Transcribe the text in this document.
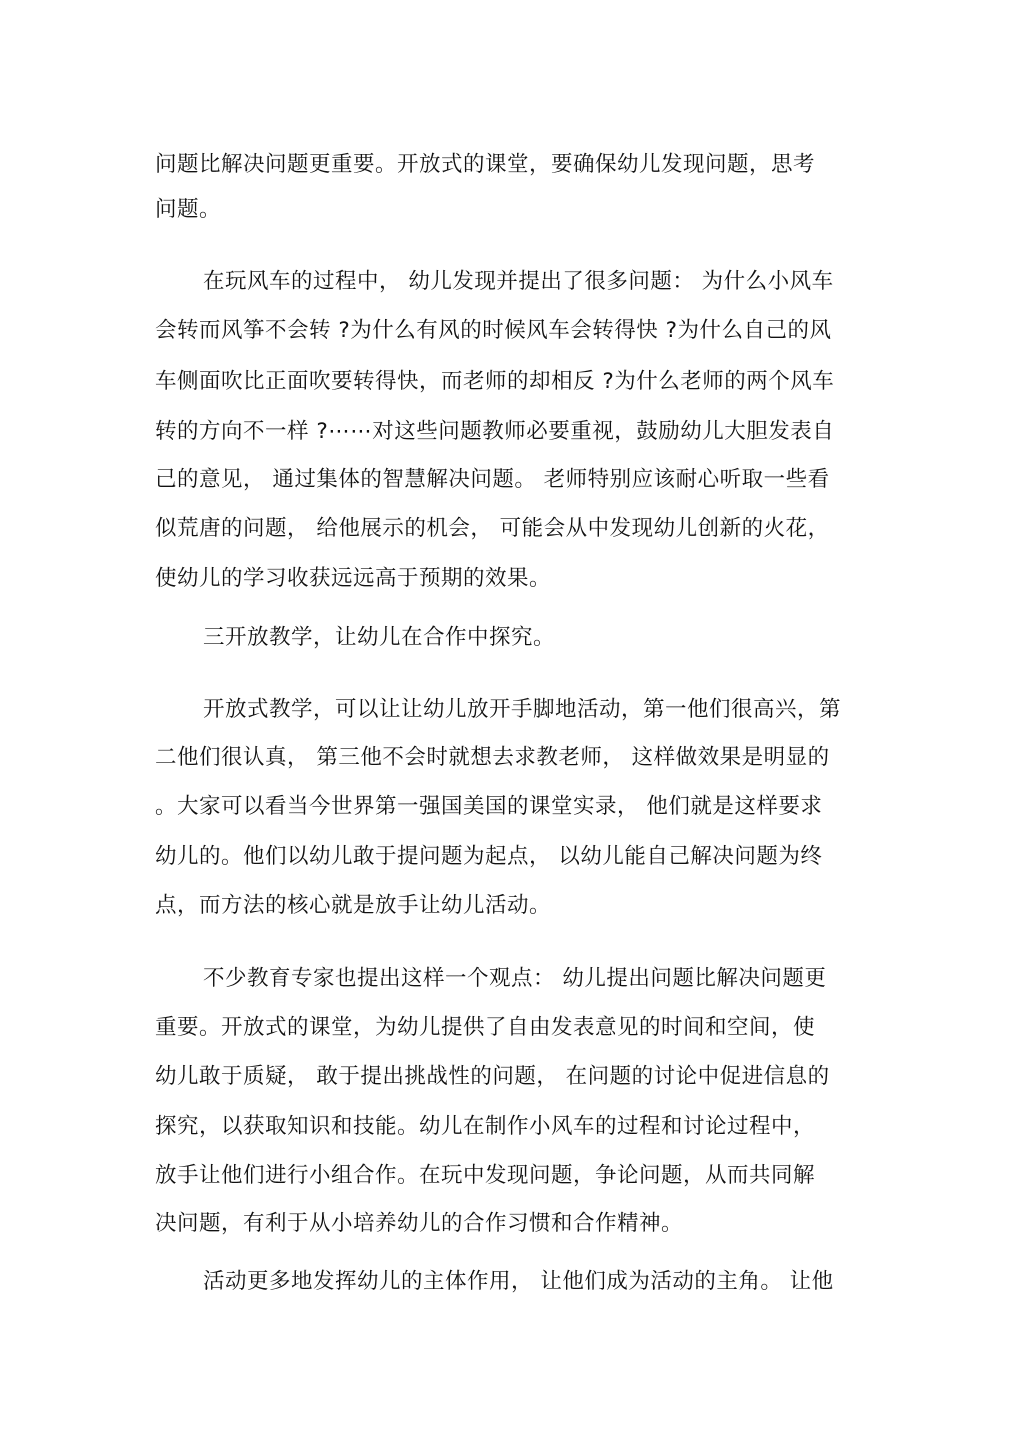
问题比解决问题更重要。开放式的课堂，要确保幼儿发现问题，思考
问题。
在玩风车的过程中， 幼儿发现并提出了很多问题： 为什么小风车
会转而风筝不会转 ?为什么有风的时候风车会转得快 ?为什么自己的风
车侧面吹比正面吹要转得快，而老师的却相反 ?为什么老师的两个风车
转的方向不一样 ?⋯⋯对这些问题教师必要重视，鼓励幼儿大胆发表自
己的意见， 通过集体的智慧解决问题。 老师特别应该耐心听取一些看
似荒唐的问题， 给他展示的机会， 可能会从中发现幼儿创新的火花，
使幼儿的学习收获远远高于预期的效果。
三开放教学，让幼儿在合作中探究。
开放式教学，可以让让幼儿放开手脚地活动，第一他们很高兴，第
二他们很认真， 第三他不会时就想去求教老师， 这样做效果是明显的
。大家可以看当今世界第一强国美国的课堂实录， 他们就是这样要求
幼儿的。他们以幼儿敢于提问题为起点， 以幼儿能自己解决问题为终
点，而方法的核心就是放手让幼儿活动。
不少教育专家也提出这样一个观点： 幼儿提出问题比解决问题更
重要。开放式的课堂，为幼儿提供了自由发表意见的时间和空间，使
幼儿敢于质疑， 敢于提出挑战性的问题， 在问题的讨论中促进信息的
探究，以获取知识和技能。幼儿在制作小风车的过程和讨论过程中，
放手让他们进行小组合作。在玩中发现问题，争论问题，从而共同解
决问题，有利于从小培养幼儿的合作习惯和合作精神。
活动更多地发挥幼儿的主体作用， 让他们成为活动的主角。 让他
